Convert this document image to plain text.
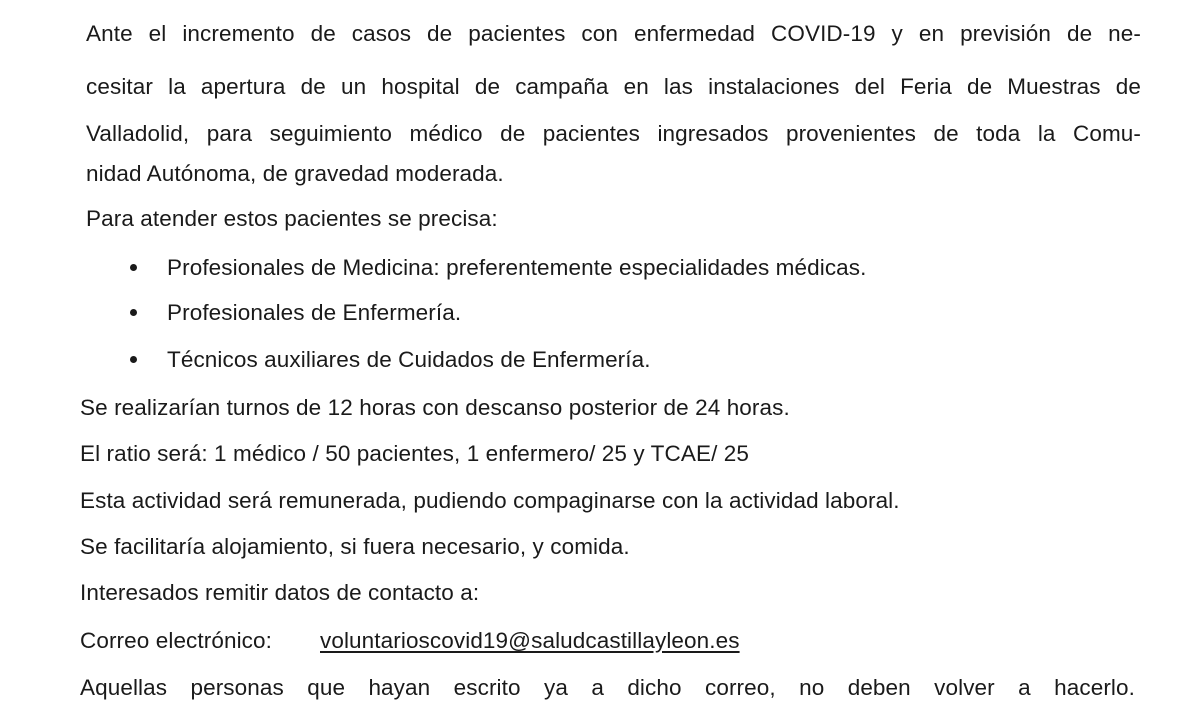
Ante el incremento de casos de pacientes con enfermedad COVID-19 y en previsión de ne-
cesitar la apertura de un hospital de campaña en las instalaciones del Feria de Muestras de
Valladolid, para seguimiento médico de pacientes ingresados provenientes de toda la Comu-
nidad Autónoma, de gravedad moderada.
Para atender estos pacientes se precisa:
Profesionales de Medicina: preferentemente especialidades médicas.
Profesionales de Enfermería.
Técnicos auxiliares de Cuidados de Enfermería.
Se realizarían turnos de 12 horas con descanso posterior de 24 horas.
El ratio será: 1 médico / 50 pacientes, 1 enfermero/ 25 y TCAE/ 25
Esta actividad será remunerada, pudiendo compaginarse con la actividad laboral.
Se facilitaría alojamiento, si fuera necesario, y comida.
Interesados remitir datos de contacto a:
Correo electrónico: voluntarioscovid19@saludcastillayleon.es
Aquellas personas que hayan escrito ya a dicho correo, no deben volver a hacerlo.
